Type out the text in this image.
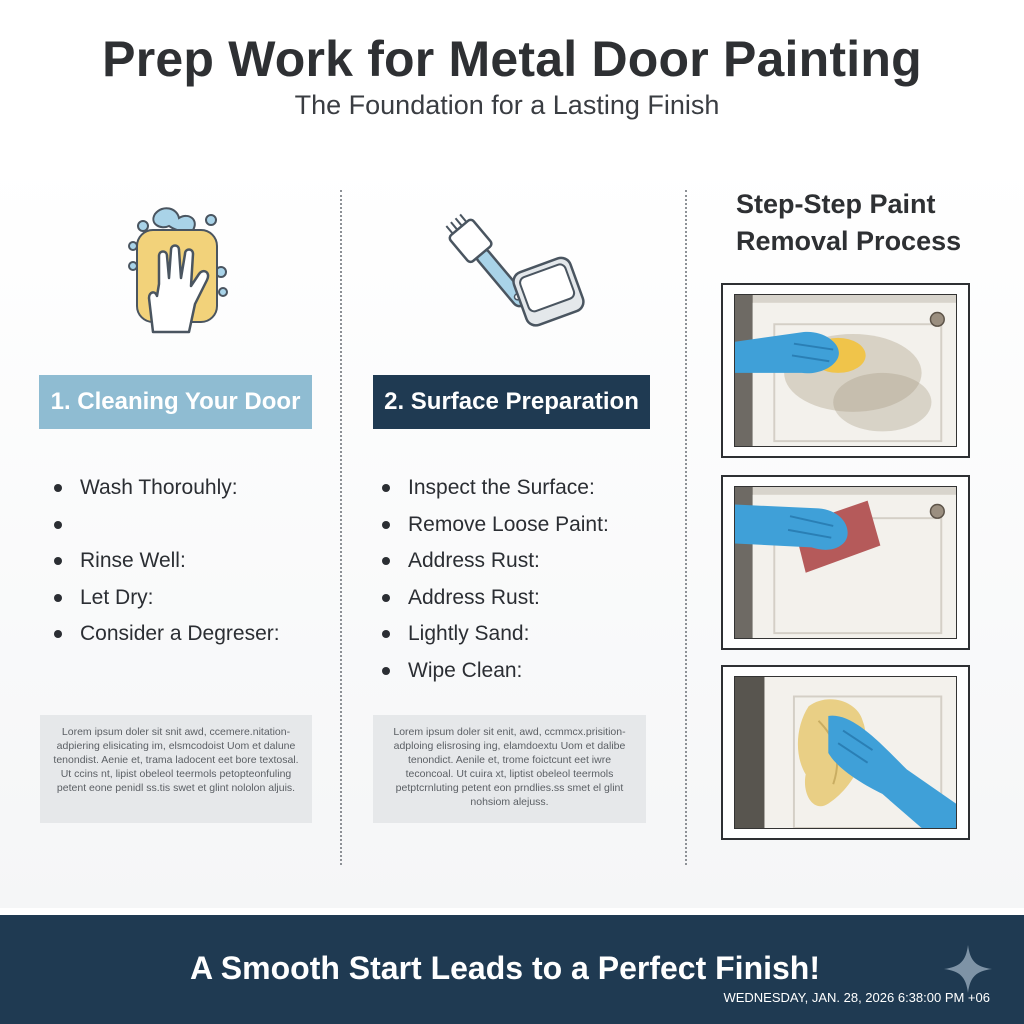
Prep Work for Metal Door Painting
The Foundation for a Lasting Finish
1. Cleaning Your Door	2. Surface Preparation
Wash Thorouhly:
Rinse Well:
Let Dry:
Consider a Degreser:
Inspect the Surface:
Remove Loose Paint:
Address Rust:
Address Rust:
Lightly Sand:
Wipe Clean:
Lorem ipsum doler sit snit awd, ccemere.nitation- adpiering elisicating im, elsmcodoist Uom et dalune tenondist. Aenie et, trama ladocent eet bore textosal. Ut ccins nt, lipist obeleol teermols petopteonfuling petent eone penidl ss.tis swet et glint nololon aljuis.
Lorem ipsum doler sit enit, awd, ccmmcx.prisition- adploing elisrosing ing, elamdoextu Uom et dalibe tenondict. Aenile et, trome foictcunt eet iwre teconcoal. Ut cuira xt, liptist obeleol teermols petptcrnluting petent eon prndlies.ss smet el glint nohsiom alejuss.
Step-Step Paint Removal Process
A Smooth Start Leads to a Perfect Finish!
WEDNESDAY, JAN. 28, 2026 6:38:00 PM +06
